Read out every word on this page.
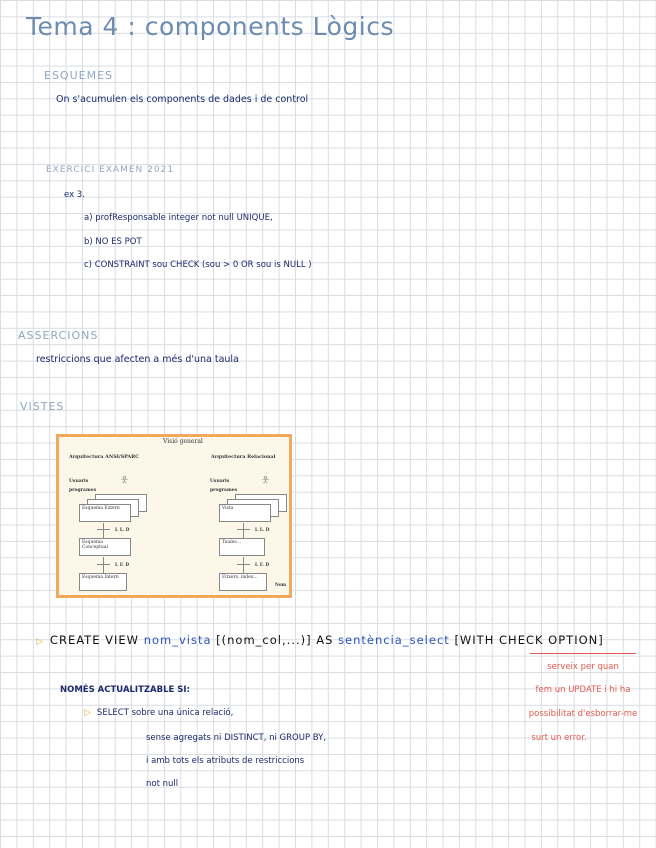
Tema 4 : components Lògics
ESQUEMES
On s'acumulen els components de dades i de control
EXERCICI EXAMEN 2021
ex 3.
a) profResponsable integer not null UNIQUE,
b) NO ES POT
c) CONSTRAINT sou CHECK (sou > 0 OR sou is NULL )
ASSERCIONS
restriccions que afecten a més d'una taula
VISTES
Visió general
Arquitectura ANSI/SPARC	Arquitectura Relacional
Usuaris programes
Usuaris programes
웃	웃
Esquema Extern
I. L. D
Esquema Conceptual
I. F. D
Esquema Intern
Vista
I. L. D
Taules…
I. F. D
Fitxers, índex…
Nom
▷ CREATE VIEW nom_vista [(nom_col,...)] AS sentència_select [WITH CHECK OPTION]
serveix per quan
fem un UPDATE i hi ha
possibilitat d'esborrar-me
surt un error.
NOMÉS ACTUALITZABLE SI:
▷ SELECT sobre una única relació,
sense agregats ni DISTINCT, ni GROUP BY,
i amb tots els atributs de restriccions
not null
